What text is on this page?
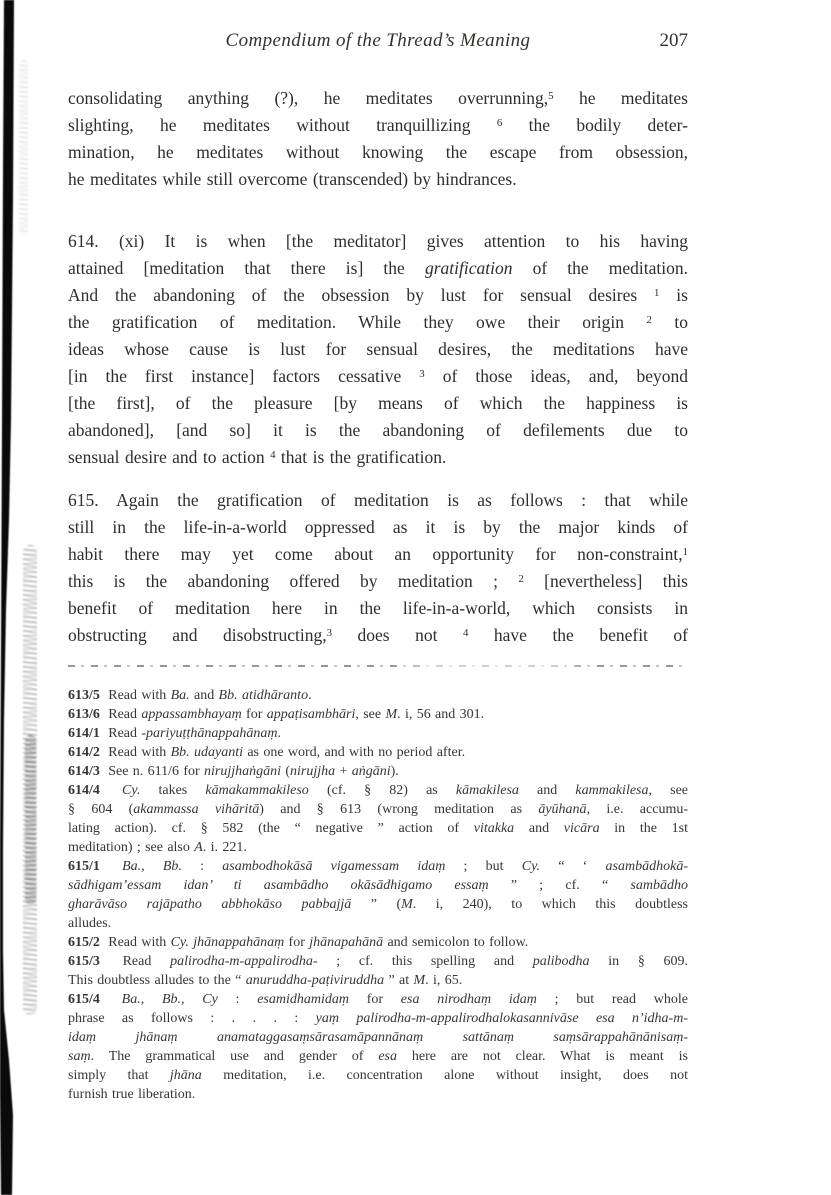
Compendium of the Thread’s Meaning	207
consolidating anything (?), he meditates overrunning,$^5$ he meditates
slighting, he meditates without tranquillizing $^6$ the bodily deter-
mination, he meditates without knowing the escape from obsession,
he meditates while still overcome (transcended) by hindrances.
614. (xi) It is when [the meditator] gives attention to his having
attained [meditation that there is] the gratification of the meditation.
And the abandoning of the obsession by lust for sensual desires $^1$ is
the gratification of meditation. While they owe their origin $^2$ to
ideas whose cause is lust for sensual desires, the meditations have
[in the first instance] factors cessative $^3$ of those ideas, and, beyond
[the first], of the pleasure [by means of which the happiness is
abandoned], [and so] it is the abandoning of defilements due to
sensual desire and to action $^4$ that is the gratification.
615. Again the gratification of meditation is as follows : that while
still in the life-in-a-world oppressed as it is by the major kinds of
habit there may yet come about an opportunity for non-constraint,$^1$
this is the abandoning offered by meditation ; $^2$ [nevertheless] this
benefit of meditation here in the life-in-a-world, which consists in
obstructing and disobstructing,$^3$ does not $^4$ have the benefit of
613/5 Read with Ba. and Bb. atidhāranto.
613/6 Read appassambhayaṃ for appaṭisambhāri, see M. i, 56 and 301.
614/1 Read -pariyuṭṭhānappahānaṃ.
614/2 Read with Bb. udayanti as one word, and with no period after.
614/3 See n. 611/6 for nirujjhaṅgāni (nirujjha + aṅgāni).
614/4 Cy. takes kāmakammakileso (cf. § 82) as kāmakilesa and kammakilesa, see
§ 604 (akammassa vihāritā) and § 613 (wrong meditation as āyūhanā, i.e. accumu-
lating action). cf. § 582 (the “ negative ” action of vitakka and vicāra in the 1st
meditation) ; see also A. i. 221.
615/1 Ba., Bb. : asambodhokāsā vigamessam idaṃ ; but Cy. “ ‘ asambādhokā-
sādhigam’essam idan’ ti asambādho okāsādhigamo essaṃ ” ; cf. “ sambādho
gharāvāso rajāpatho abbhokāso pabbajjā ” (M. i, 240), to which this doubtless
alludes.
615/2 Read with Cy. jhānappahānaṃ for jhānapahānā and semicolon to follow.
615/3 Read palirodha-m-appalirodha- ; cf. this spelling and palibodha in § 609.
This doubtless alludes to the “ anuruddha-paṭiviruddha ” at M. i, 65.
615/4 Ba., Bb., Cy : esamidhamidaṃ for esa nirodhaṃ idaṃ ; but read whole
phrase as follows : . . . : yaṃ palirodha-m-appalirodhalokasannivāse esa n’idha-m-
idaṃ jhānaṃ anamataggasaṃsārasamāpannānaṃ sattānaṃ saṃsārappahānānisaṃ-
saṃ. The grammatical use and gender of esa here are not clear. What is meant is
simply that jhāna meditation, i.e. concentration alone without insight, does not
furnish true liberation.
